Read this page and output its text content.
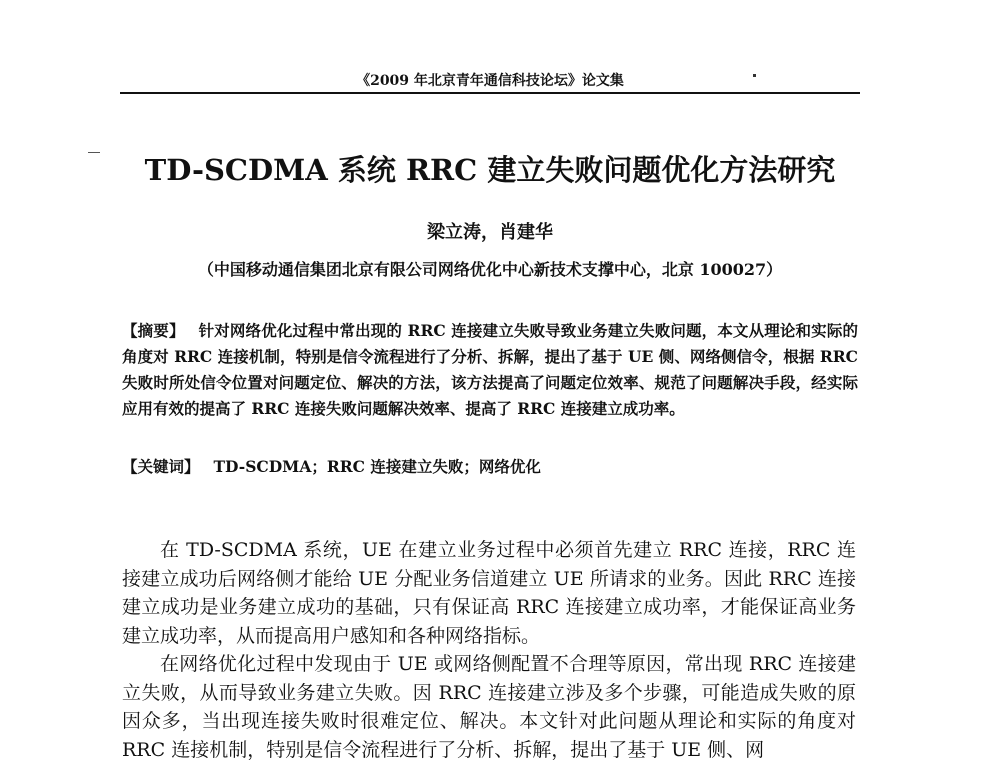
《2009 年北京青年通信科技论坛》论文集
TD-SCDMA 系统 RRC 建立失败问题优化方法研究
梁立涛，肖建华
（中国移动通信集团北京有限公司网络优化中心新技术支撑中心，北京 100027）
【摘要】 针对网络优化过程中常出现的 RRC 连接建立失败导致业务建立失败问题，本文从理论和实际的角度对 RRC 连接机制，特别是信令流程进行了分析、拆解，提出了基于 UE 侧、网络侧信令，根据 RRC 失败时所处信令位置对问题定位、解决的方法，该方法提高了问题定位效率、规范了问题解决手段，经实际应用有效的提高了 RRC 连接失败问题解决效率、提高了 RRC 连接建立成功率。
【关键词】 TD-SCDMA；RRC 连接建立失败；网络优化

在 TD-SCDMA 系统，UE 在建立业务过程中必须首先建立 RRC 连接，RRC 连接建立成功后网络侧才能给 UE 分配业务信道建立 UE 所请求的业务。因此 RRC 连接建立成功是业务建立成功的基础，只有保证高 RRC 连接建立成功率，才能保证高业务建立成功率，从而提高用户感知和各种网络指标。

在网络优化过程中发现由于 UE 或网络侧配置不合理等原因，常出现 RRC 连接建立失败，从而导致业务建立失败。因 RRC 连接建立涉及多个步骤，可能造成失败的原因众多，当出现连接失败时很难定位、解决。本文针对此问题从理论和实际的角度对 RRC 连接机制，特别是信令流程进行了分析、拆解，提出了基于 UE 侧、网
